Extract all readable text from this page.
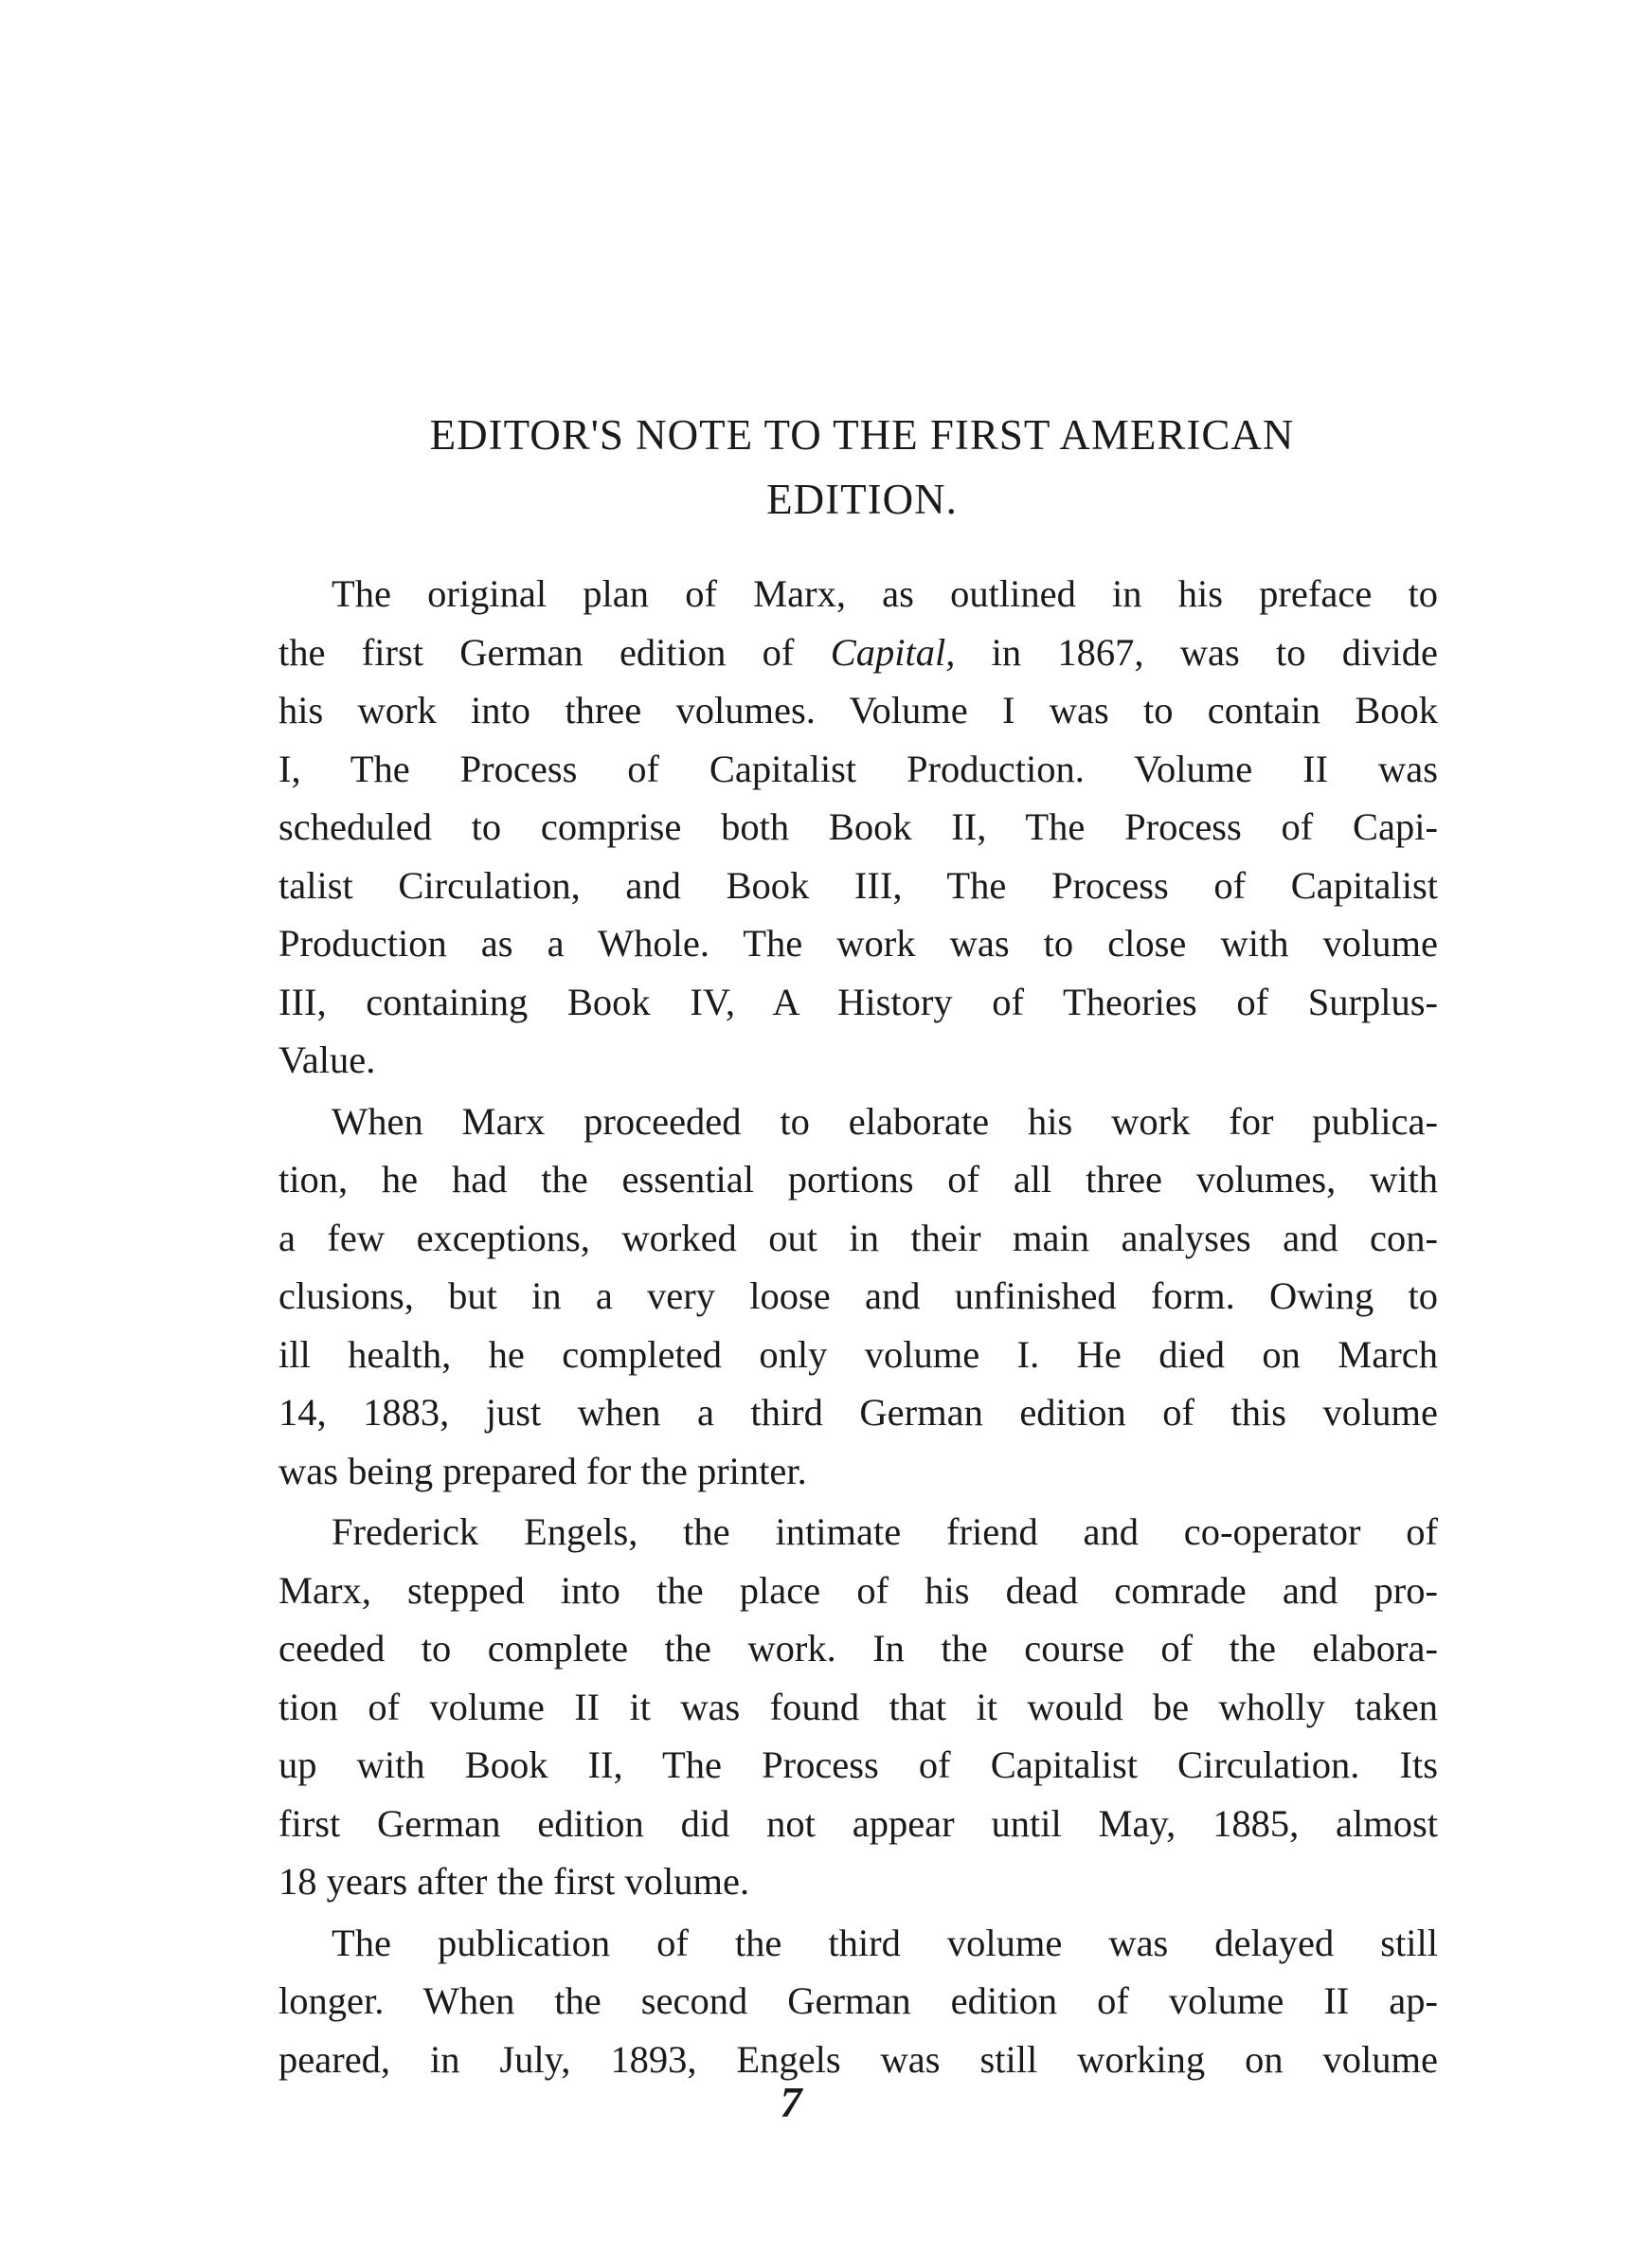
EDITOR'S NOTE TO THE FIRST AMERICAN
EDITION.
The original plan of Marx, as outlined in his preface to
the first German edition of Capital, in 1867, was to divide
his work into three volumes. Volume I was to contain Book
I, The Process of Capitalist Production. Volume II was
scheduled to comprise both Book II, The Process of Capi-
talist Circulation, and Book III, The Process of Capitalist
Production as a Whole. The work was to close with volume
III, containing Book IV, A History of Theories of Surplus-
Value.
When Marx proceeded to elaborate his work for publica-
tion, he had the essential portions of all three volumes, with
a few exceptions, worked out in their main analyses and con-
clusions, but in a very loose and unfinished form. Owing to
ill health, he completed only volume I. He died on March
14, 1883, just when a third German edition of this volume
was being prepared for the printer.
Frederick Engels, the intimate friend and co-operator of
Marx, stepped into the place of his dead comrade and pro-
ceeded to complete the work. In the course of the elabora-
tion of volume II it was found that it would be wholly taken
up with Book II, The Process of Capitalist Circulation. Its
first German edition did not appear until May, 1885, almost
18 years after the first volume.
The publication of the third volume was delayed still
longer. When the second German edition of volume II ap-
peared, in July, 1893, Engels was still working on volume
7
